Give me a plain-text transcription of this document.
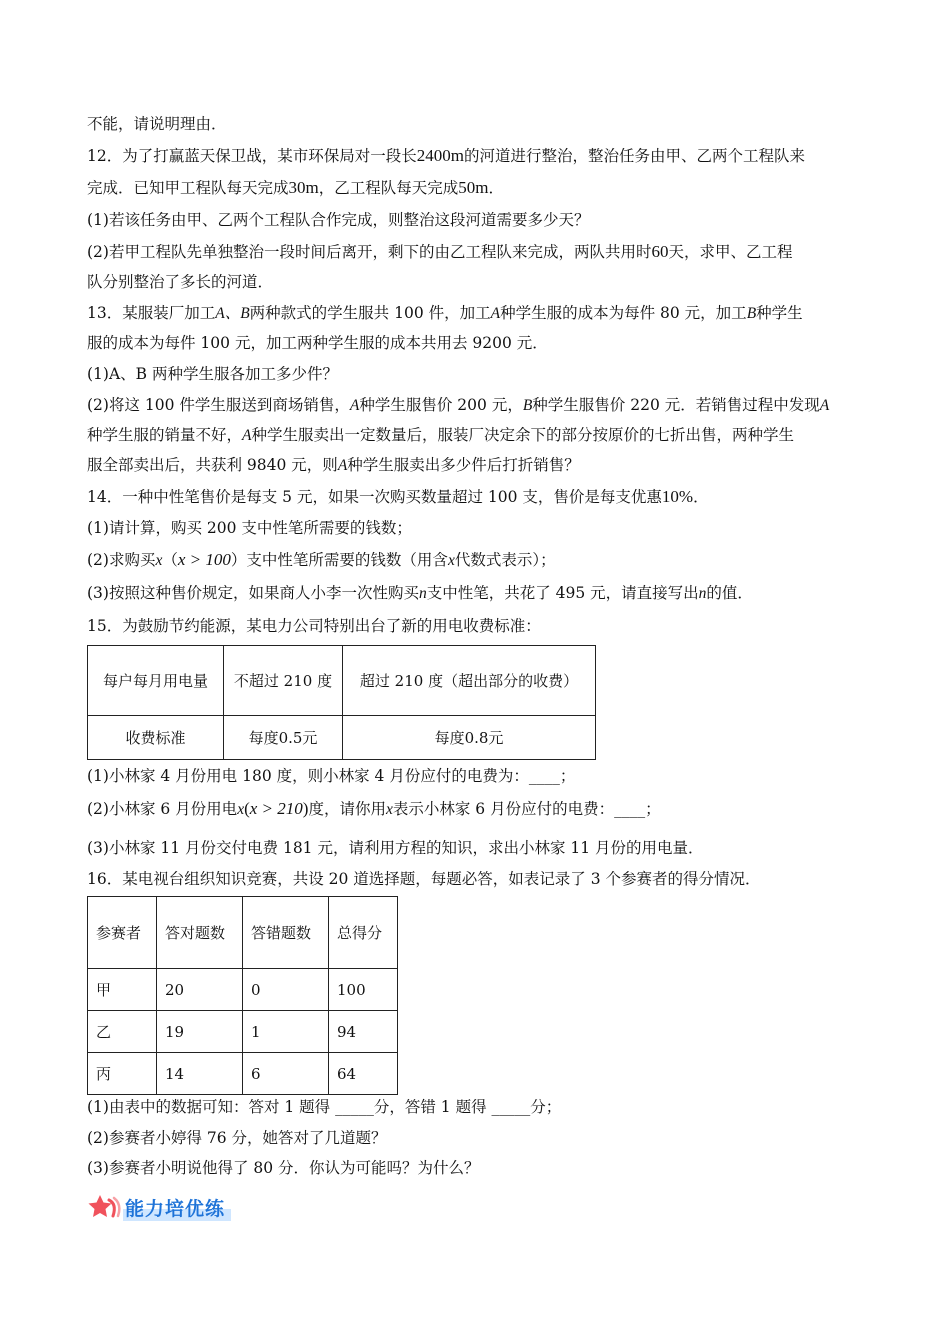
不能，请说明理由．
12．为了打赢蓝天保卫战，某市环保局对一段长2400m的河道进行整治，整治任务由甲、乙两个工程队来
完成．已知甲工程队每天完成30m，乙工程队每天完成50m．
(1)若该任务由甲、乙两个工程队合作完成，则整治这段河道需要多少天？
(2)若甲工程队先单独整治一段时间后离开，剩下的由乙工程队来完成，两队共用时60天，求甲、乙工程
队分别整治了多长的河道．
13．某服装厂加工A、B两种款式的学生服共 100 件，加工A种学生服的成本为每件 80 元，加工B种学生
服的成本为每件 100 元，加工两种学生服的成本共用去 9200 元．
(1)A、B 两种学生服各加工多少件？
(2)将这 100 件学生服送到商场销售，A种学生服售价 200 元，B种学生服售价 220 元．若销售过程中发现A
种学生服的销量不好，A种学生服卖出一定数量后，服装厂决定余下的部分按原价的七折出售，两种学生
服全部卖出后，共获利 9840 元，则A种学生服卖出多少件后打折销售？
14．一种中性笔售价是每支 5 元，如果一次购买数量超过 100 支，售价是每支优惠10%．
(1)请计算，购买 200 支中性笔所需要的钱数；
(2)求购买x（x > 100）支中性笔所需要的钱数（用含x代数式表示）；
(3)按照这种售价规定，如果商人小李一次性购买n支中性笔，共花了 495 元，请直接写出n的值．
15．为鼓励节约能源，某电力公司特别出台了新的用电收费标准：
每户每月用电量	不超过 210 度	超过 210 度（超出部分的收费）
收费标准	每度0.5元	每度0.8元
(1)小林家 4 月份用电 180 度，则小林家 4 月份应付的电费为：____；
(2)小林家 6 月份用电x(x > 210)度，请你用x表示小林家 6 月份应付的电费：____；
(3)小林家 11 月份交付电费 181 元，请利用方程的知识，求出小林家 11 月份的用电量．
16．某电视台组织知识竞赛，共设 20 道选择题，每题必答，如表记录了 3 个参赛者的得分情况．
参赛者	答对题数	答错题数	总得分
甲	20	0	100
乙	19	1	94
丙	14	6	64
(1)由表中的数据可知：答对 1 题得 _____分，答错 1 题得 _____分；
(2)参赛者小婷得 76 分，她答对了几道题？
(3)参赛者小明说他得了 80 分．你认为可能吗？为什么？
能力培优练
